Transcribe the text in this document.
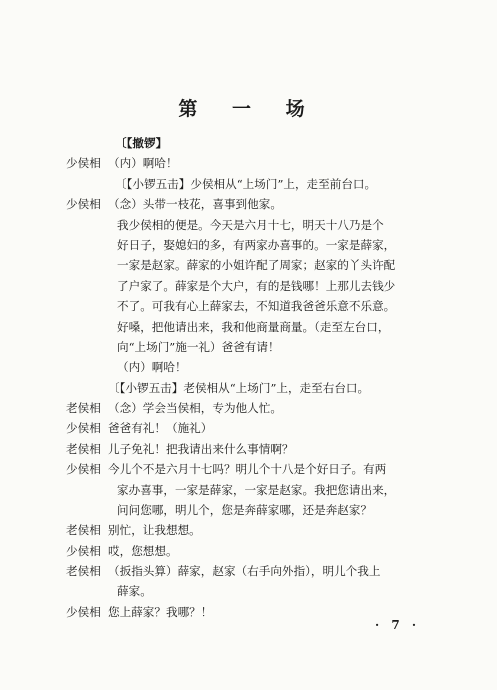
第 一 场
〔【撤锣】
少侯相 （内）啊哈！
〔【小锣五击】少侯相从“上场门”上，走至前台口。
少侯相 （念）头带一枝花，喜事到他家。
我少侯相的便是。今天是六月十七，明天十八乃是个
好日子，娶媳妇的多，有两家办喜事的。一家是薛家，
一家是赵家。薛家的小姐许配了周家；赵家的丫头许配
了户家了。薛家是个大户，有的是钱哪！上那儿去钱少
不了。可我有心上薛家去，不知道我爸爸乐意不乐意。
好嗓，把他请出来，我和他商量商量。（走至左台口，
向“上场门”施一礼）爸爸有请！
（内）啊哈！
〔【小锣五击】老侯相从“上场门”上，走至右台口。
老侯相 （念）学会当侯相，专为他人忙。
少侯相 爸爸有礼！（施礼）
老侯相 儿子免礼！把我请出来什么事情啊？
少侯相 今儿个不是六月十七吗？明儿个十八是个好日子。有两
家办喜事，一家是薛家，一家是赵家。我把您请出来，
问问您哪，明儿个，您是奔薛家哪，还是奔赵家？
老侯相 别忙，让我想想。
少侯相 哎，您想想。
老侯相 （扳指头算）薛家，赵家（右手向外指），明儿个我上
薛家。
少侯相 您上薛家？我哪？！
· 7 ·
